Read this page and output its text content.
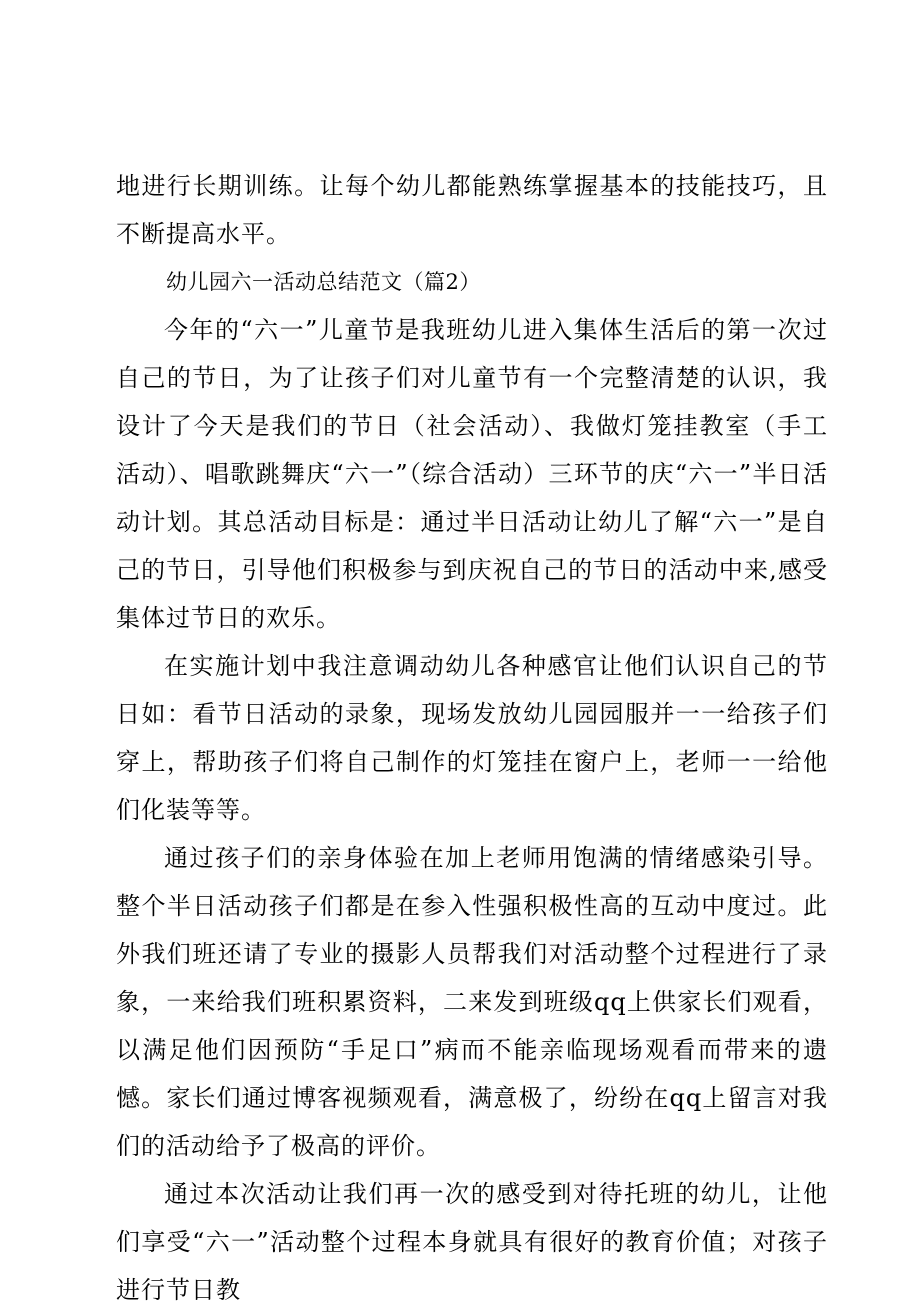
地进行长期训练。让每个幼儿都能熟练掌握基本的技能技巧，且不断提高水平。

幼儿园六一活动总结范文（篇2）

今年的“六一”儿童节是我班幼儿进入集体生活后的第一次过自己的节日，为了让孩子们对儿童节有一个完整清楚的认识，我设计了今天是我们的节日（社会活动）、我做灯笼挂教室（手工活动）、唱歌跳舞庆“六一”（综合活动）三环节的庆“六一”半日活动计划。其总活动目标是：通过半日活动让幼儿了解“六一”是自己的节日，引导他们积极参与到庆祝自己的节日的活动中来,感受集体过节日的欢乐。

在实施计划中我注意调动幼儿各种感官让他们认识自己的节日如：看节日活动的录象，现场发放幼儿园园服并一一给孩子们穿上，帮助孩子们将自己制作的灯笼挂在窗户上，老师一一给他们化装等等。

通过孩子们的亲身体验在加上老师用饱满的情绪感染引导。整个半日活动孩子们都是在参入性强积极性高的互动中度过。此外我们班还请了专业的摄影人员帮我们对活动整个过程进行了录象，一来给我们班积累资料，二来发到班级qq上供家长们观看，以满足他们因预防“手足口”病而不能亲临现场观看而带来的遗憾。家长们通过博客视频观看，满意极了，纷纷在qq上留言对我们的活动给予了极高的评价。

通过本次活动让我们再一次的感受到对待托班的幼儿，让他们享受“六一”活动整个过程本身就具有很好的教育价值；对孩子进行节日教
